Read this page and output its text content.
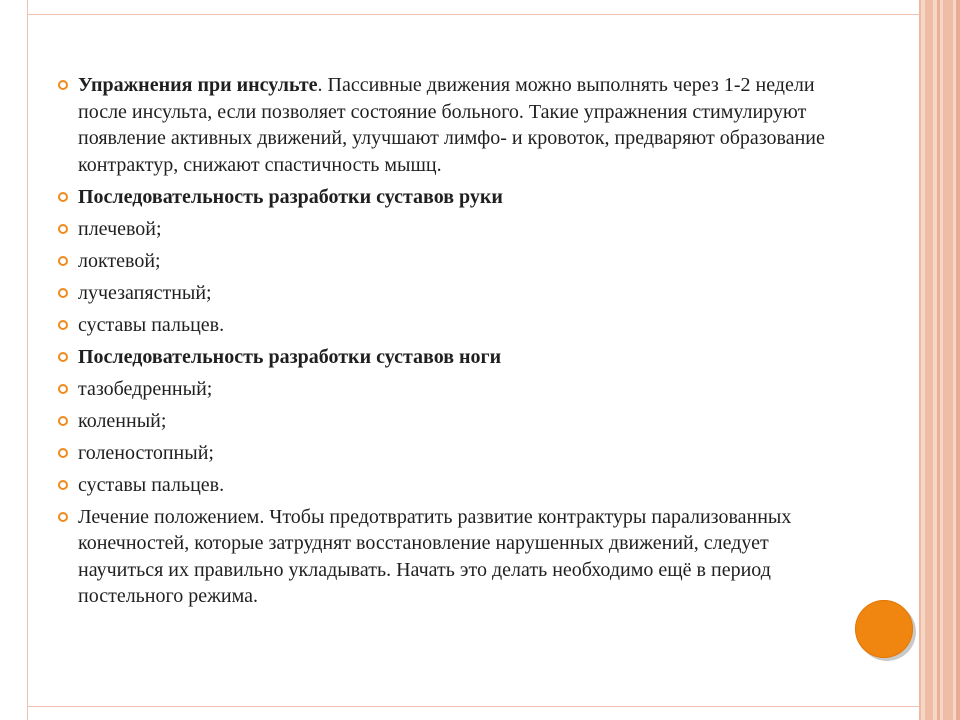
Упражнения при инсульте. Пассивные движения можно выполнять через 1-2 недели после инсульта, если позволяет состояние больного. Такие упражнения стимулируют появление активных движений, улучшают лимфо- и кровоток, предваряют образование контрактур, снижают спастичность мышц.
Последовательность разработки суставов руки
плечевой;
локтевой;
лучезапястный;
суставы пальцев.
Последовательность разработки суставов ноги
тазобедренный;
коленный;
голеностопный;
суставы пальцев.
Лечение положением. Чтобы предотвратить развитие контрактуры парализованных конечностей, которые затруднят восстановление нарушенных движений, следует научиться их правильно укладывать. Начать это делать необходимо ещё в период постельного режима.
